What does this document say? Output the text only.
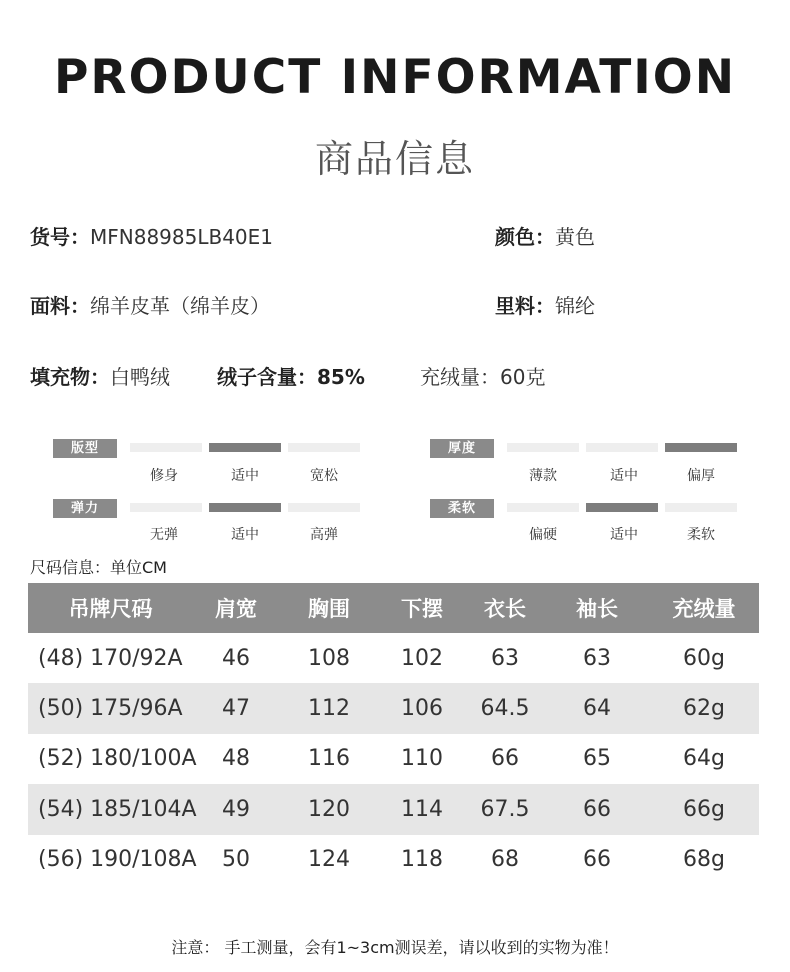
PRODUCT INFORMATION
商品信息
货号：MFN88985LB40E1	颜色：黄色
面料：绵羊皮革（绵羊皮）	里料：锦纶
填充物：白鸭绒 绒子含量：85%	充绒量：60克
版型
修身	适中	宽松
弹力
无弹	适中	高弹
厚度
薄款	适中	偏厚
柔软
偏硬	适中	柔软
尺码信息：单位CM
吊牌尺码	肩宽	胸围	下摆	衣长	袖长	充绒量
(48) 170/92A	46	108	102	63	63	60g
(50) 175/96A	47	112	106	64.5	64	62g
(52) 180/100A	48	116	110	66	65	64g
(54) 185/104A	49	120	114	67.5	66	66g
(56) 190/108A	50	124	118	68	66	68g
注意： 手工测量，会有1~3cm测误差，请以收到的实物为准！
